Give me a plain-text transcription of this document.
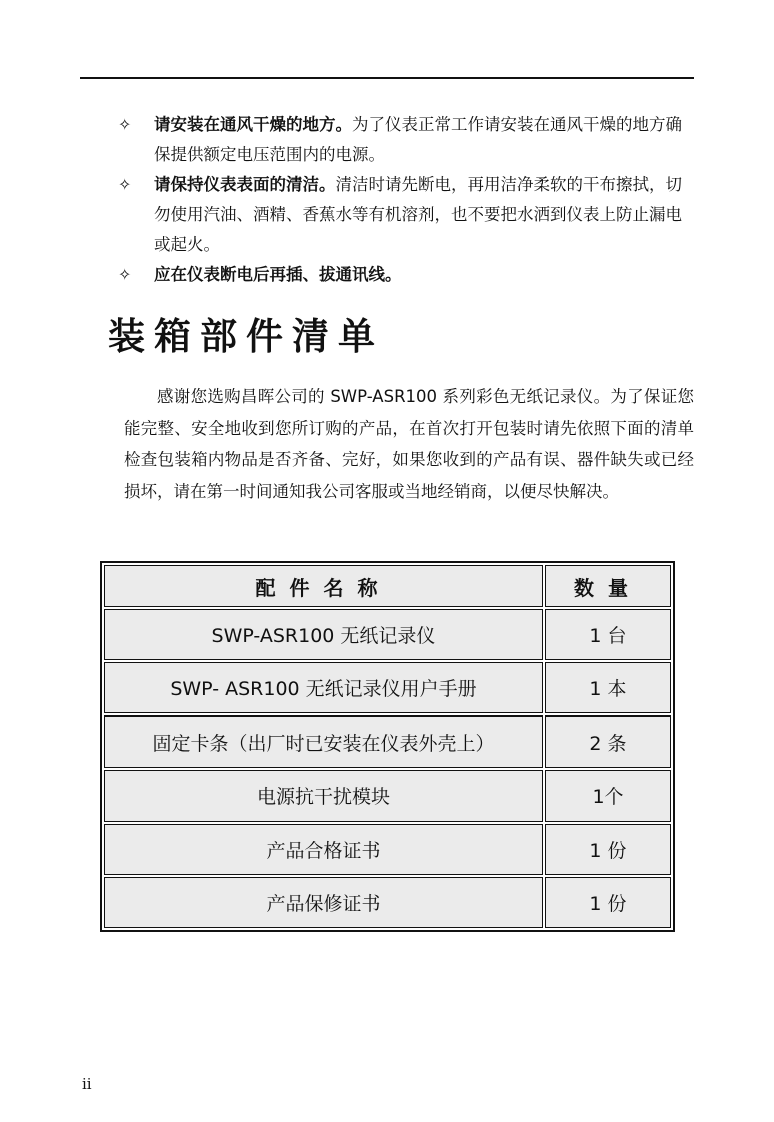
✧ 请安装在通风干燥的地方。为了仪表正常工作请安装在通风干燥的地方确保提供额定电压范围内的电源。
✧ 请保持仪表表面的清洁。清洁时请先断电，再用洁净柔软的干布擦拭，切勿使用汽油、酒精、香蕉水等有机溶剂，也不要把水洒到仪表上防止漏电或起火。
✧ 应在仪表断电后再插、拔通讯线。
装箱部件清单
感谢您选购昌晖公司的 SWP-ASR100 系列彩色无纸记录仪。为了保证您能完整、安全地收到您所订购的产品，在首次打开包装时请先依照下面的清单检查包装箱内物品是否齐备、完好，如果您收到的产品有误、器件缺失或已经损坏，请在第一时间通知我公司客服或当地经销商，以便尽快解决。
配件名称	数量
SWP-ASR100 无纸记录仪	1 台
SWP- ASR100 无纸记录仪用户手册	1 本
固定卡条（出厂时已安装在仪表外壳上）	2 条
电源抗干扰模块	1个
产品合格证书	1 份
产品保修证书	1 份
ii
